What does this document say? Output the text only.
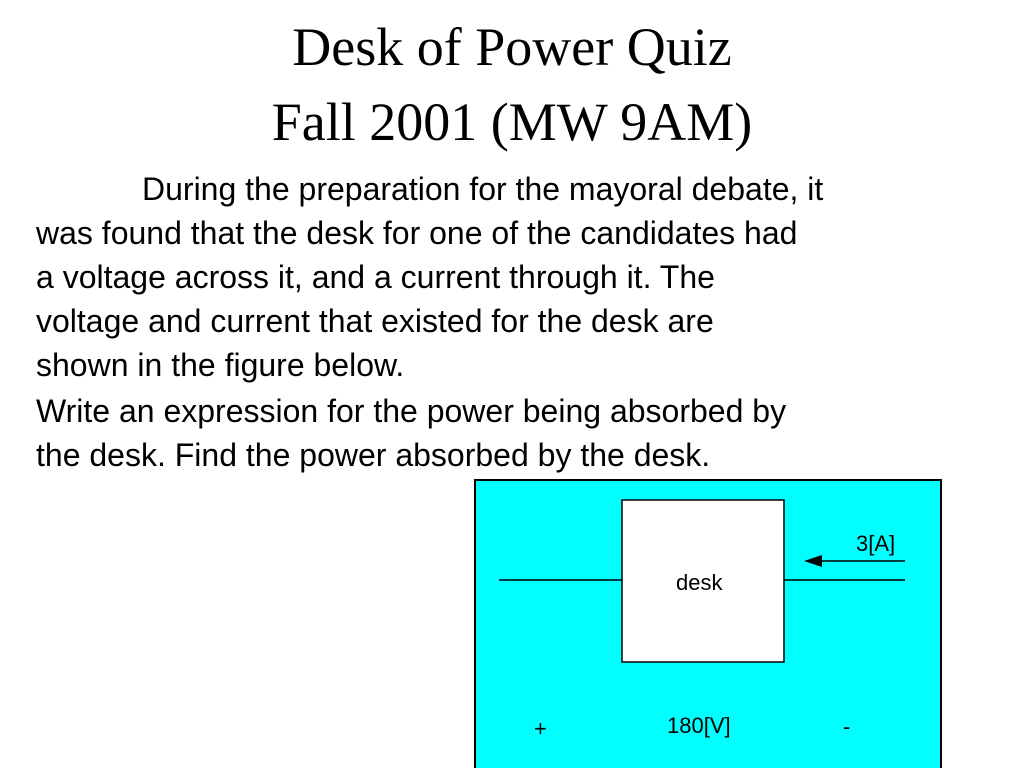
Desk of Power Quiz
Fall 2001 (MW 9AM)

During the preparation for the mayoral debate, it
was found that the desk for one of the candidates had
a voltage across it, and a current through it. The
voltage and current that existed for the desk are
shown in the figure below.

Write an expression for the power being absorbed by
the desk. Find the power absorbed by the desk.

desk
3[A]
+	180[V]	-
